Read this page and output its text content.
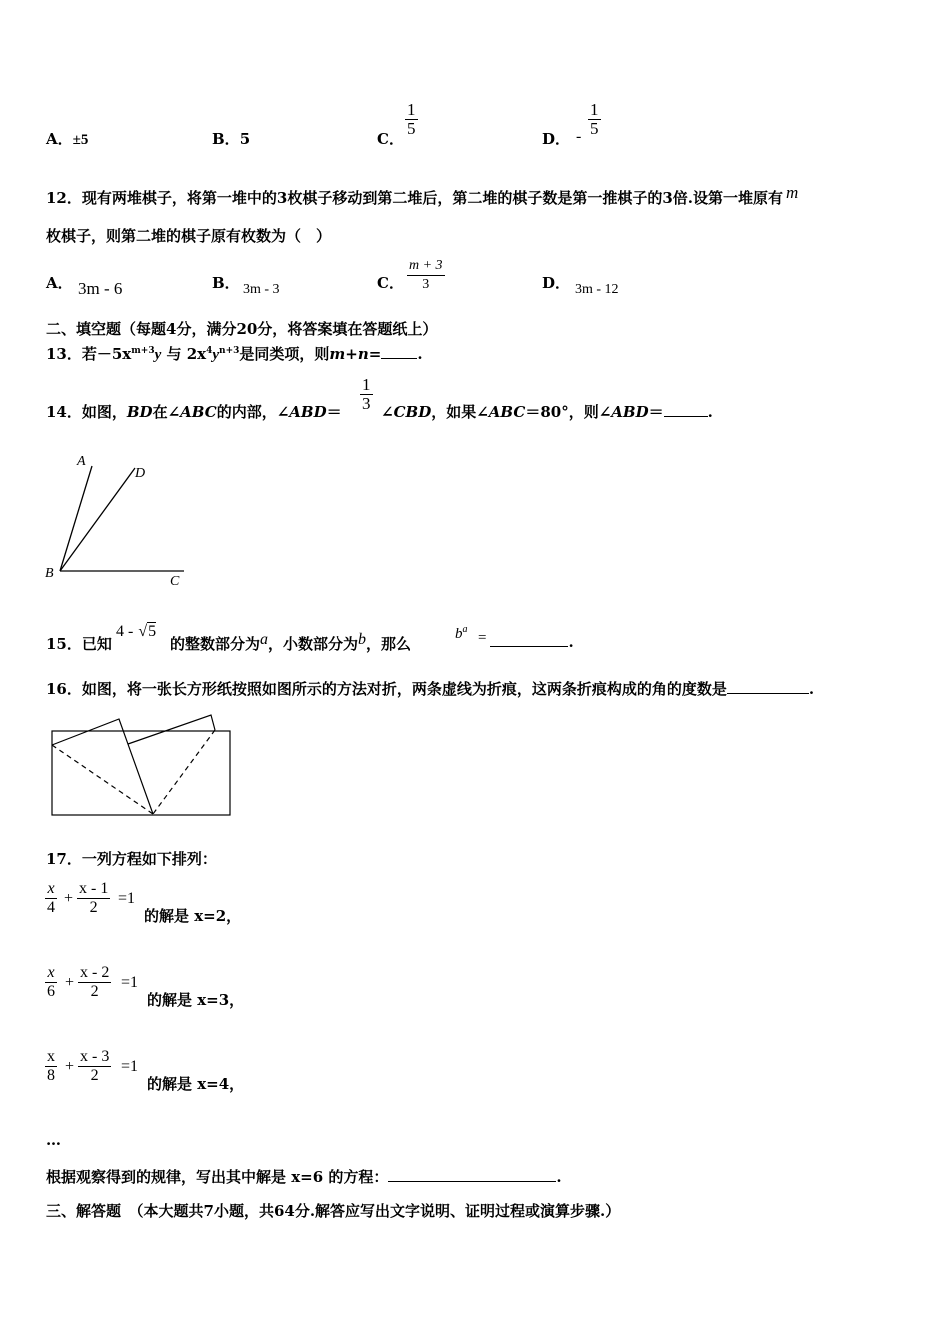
A．±5	B．5	C．
1
5
D． -
1
5
12．现有两堆棋子，将第一堆中的3枚棋子移动到第二堆后，第二堆的棋子数是第一推棋子的3倍.设第一堆原有 m
枚棋子，则第二堆的棋子原有枚数为（　）
A． 3m - 6	B． 3m - 3	C．
m + 3
3	D． 3m - 12
二、填空题（每题4分，满分20分，将答案填在答题纸上）
13．若$-5x^{m+3}y$ 与 $2x^4y^{n+3}$是同类项，则m+n= .
14．如图，BD在∠ABC的内部，∠ABD＝
1
3 ∠CBD，如果∠ABC＝80°，则∠ABD＝	.
A
D
B
C
15．已知
4 - √5
的整数部分为a，小数部分为b，那么
$b^a$
=	.
16．如图，将一张长方形纸按照如图所示的方法对折，两条虚线为折痕，这两条折痕构成的角的度数是	.
17．一列方程如下排列：
x
4
+
x - 1
2
=1
的解是 x=2，
x
6
+
x - 2
2
=1
的解是 x=3，
x
8
+
x - 3
2
=1
的解是 x=4，
…
根据观察得到的规律，写出其中解是 x=6 的方程：	.
三、解答题　（本大题共7小题，共64分.解答应写出文字说明、证明过程或演算步骤.）
